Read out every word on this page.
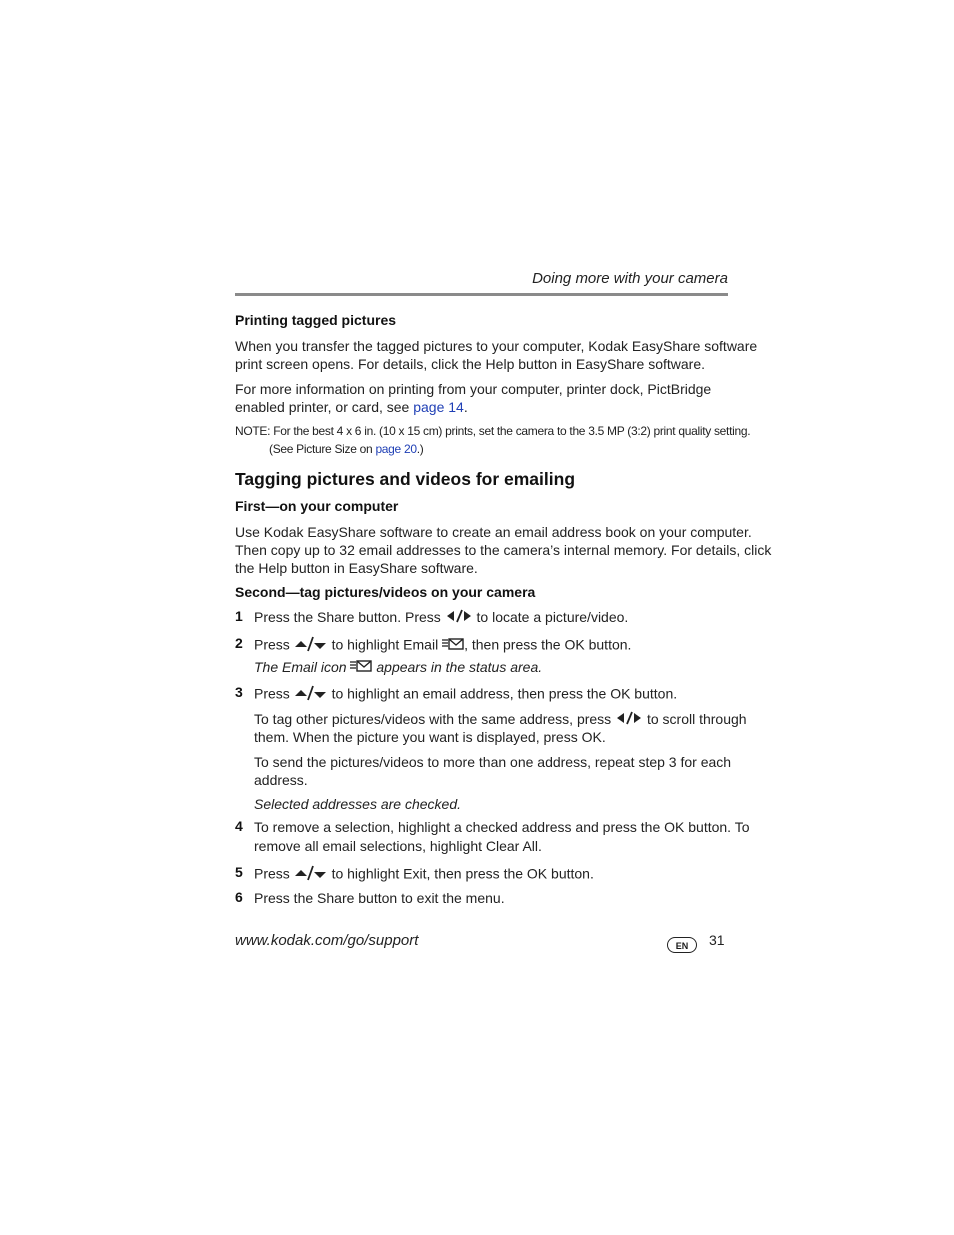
Doing more with your camera
Printing tagged pictures
When you transfer the tagged pictures to your computer, Kodak EasyShare software
print screen opens. For details, click the Help button in EasyShare software.
For more information on printing from your computer, printer dock, PictBridge
enabled printer, or card, see page 14.
NOTE: For the best 4 x 6 in. (10 x 15 cm) prints, set the camera to the 3.5 MP (3:2) print quality setting.
(See Picture Size on page 20.)
Tagging pictures and videos for emailing
First—on your computer
Use Kodak EasyShare software to create an email address book on your computer.
Then copy up to 32 email addresses to the camera’s internal memory. For details, click
the Help button in EasyShare software.
Second—tag pictures/videos on your camera
1 Press the Share button. Press  to locate a picture/video.
2 Press  to highlight Email , then press the OK button.
The Email icon  appears in the status area.
3 Press  to highlight an email address, then press the OK button.
To tag other pictures/videos with the same address, press  to scroll through
them. When the picture you want is displayed, press OK.
To send the pictures/videos to more than one address, repeat step 3 for each
address.
Selected addresses are checked.
4 To remove a selection, highlight a checked address and press the OK button. To
remove all email selections, highlight Clear All.
5 Press  to highlight Exit, then press the OK button.
6 Press the Share button to exit the menu.
www.kodak.com/go/support	EN	31
